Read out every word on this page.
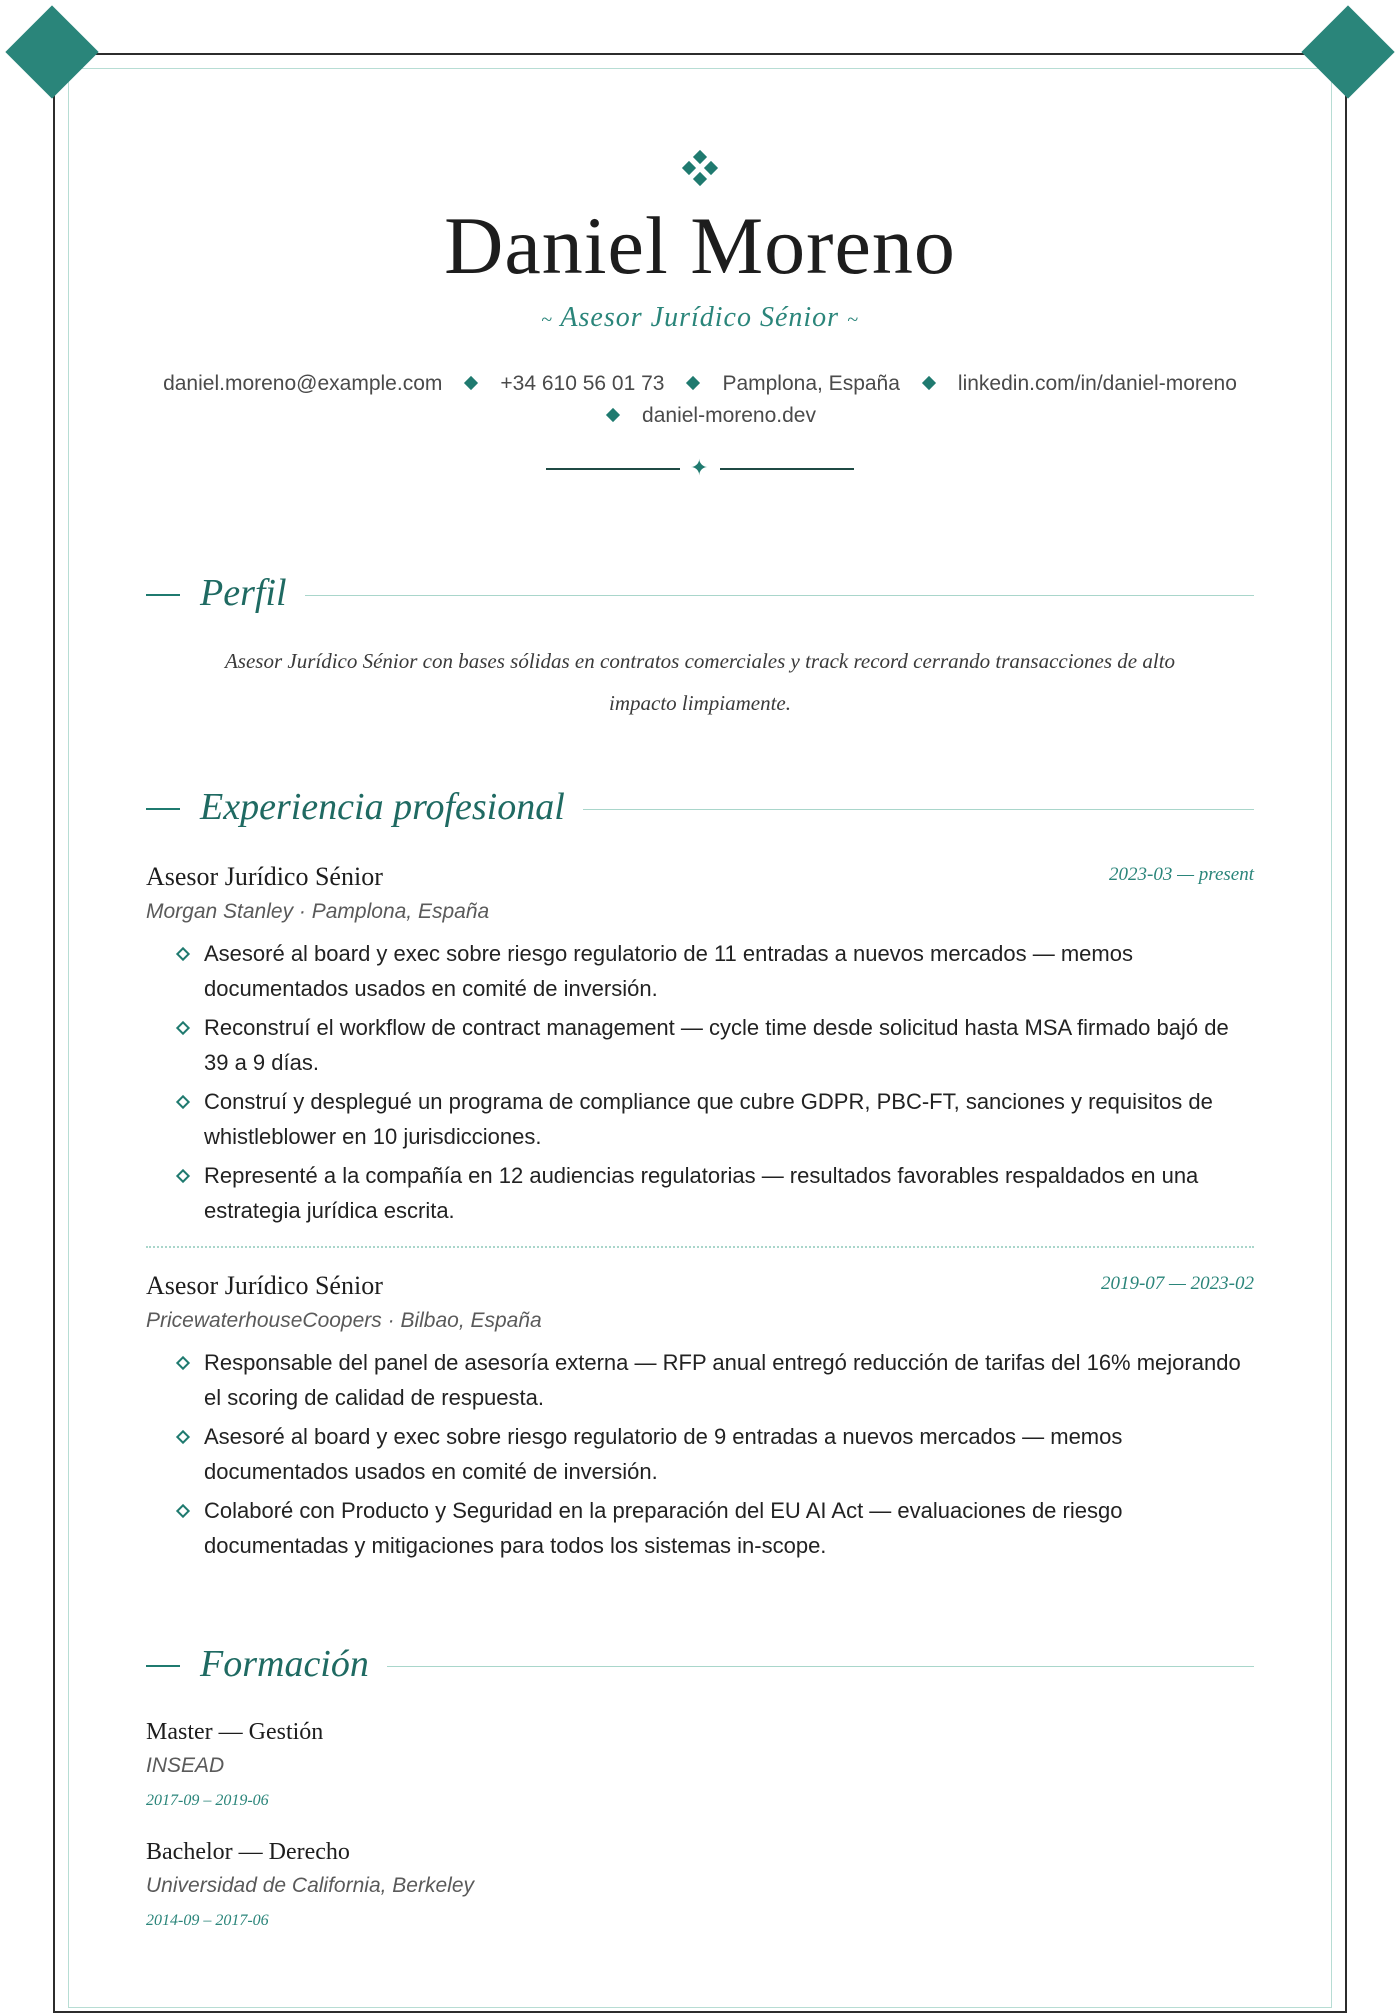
Daniel Moreno
~ Asesor Jurídico Sénior ~
daniel.moreno@example.com	+34 610 56 01 73	Pamplona, España	linkedin.com/in/daniel-morenodaniel-moreno.dev
✦
Perfil
Asesor Jurídico Sénior con bases sólidas en contratos comerciales y track record cerrando transacciones de alto impacto limpiamente.
Experiencia profesional
Asesor Jurídico Sénior	2023-03 — present
Morgan Stanley · Pamplona, España
Asesoré al board y exec sobre riesgo regulatorio de 11 entradas a nuevos mercados — memos documentados usados en comité de inversión.
Reconstruí el workflow de contract management — cycle time desde solicitud hasta MSA firmado bajó de 39 a 9 días.
Construí y desplegué un programa de compliance que cubre GDPR, PBC-FT, sanciones y requisitos de whistleblower en 10 jurisdicciones.
Representé a la compañía en 12 audiencias regulatorias — resultados favorables respaldados en una estrategia jurídica escrita.
Asesor Jurídico Sénior	2019-07 — 2023-02
PricewaterhouseCoopers · Bilbao, España
Responsable del panel de asesoría externa — RFP anual entregó reducción de tarifas del 16% mejorando el scoring de calidad de respuesta.
Asesoré al board y exec sobre riesgo regulatorio de 9 entradas a nuevos mercados — memos documentados usados en comité de inversión.
Colaboré con Producto y Seguridad en la preparación del EU AI Act — evaluaciones de riesgo documentadas y mitigaciones para todos los sistemas in-scope.
Formación
Master — Gestión
INSEAD
2017-09 – 2019-06
Bachelor — Derecho
Universidad de California, Berkeley
2014-09 – 2017-06
